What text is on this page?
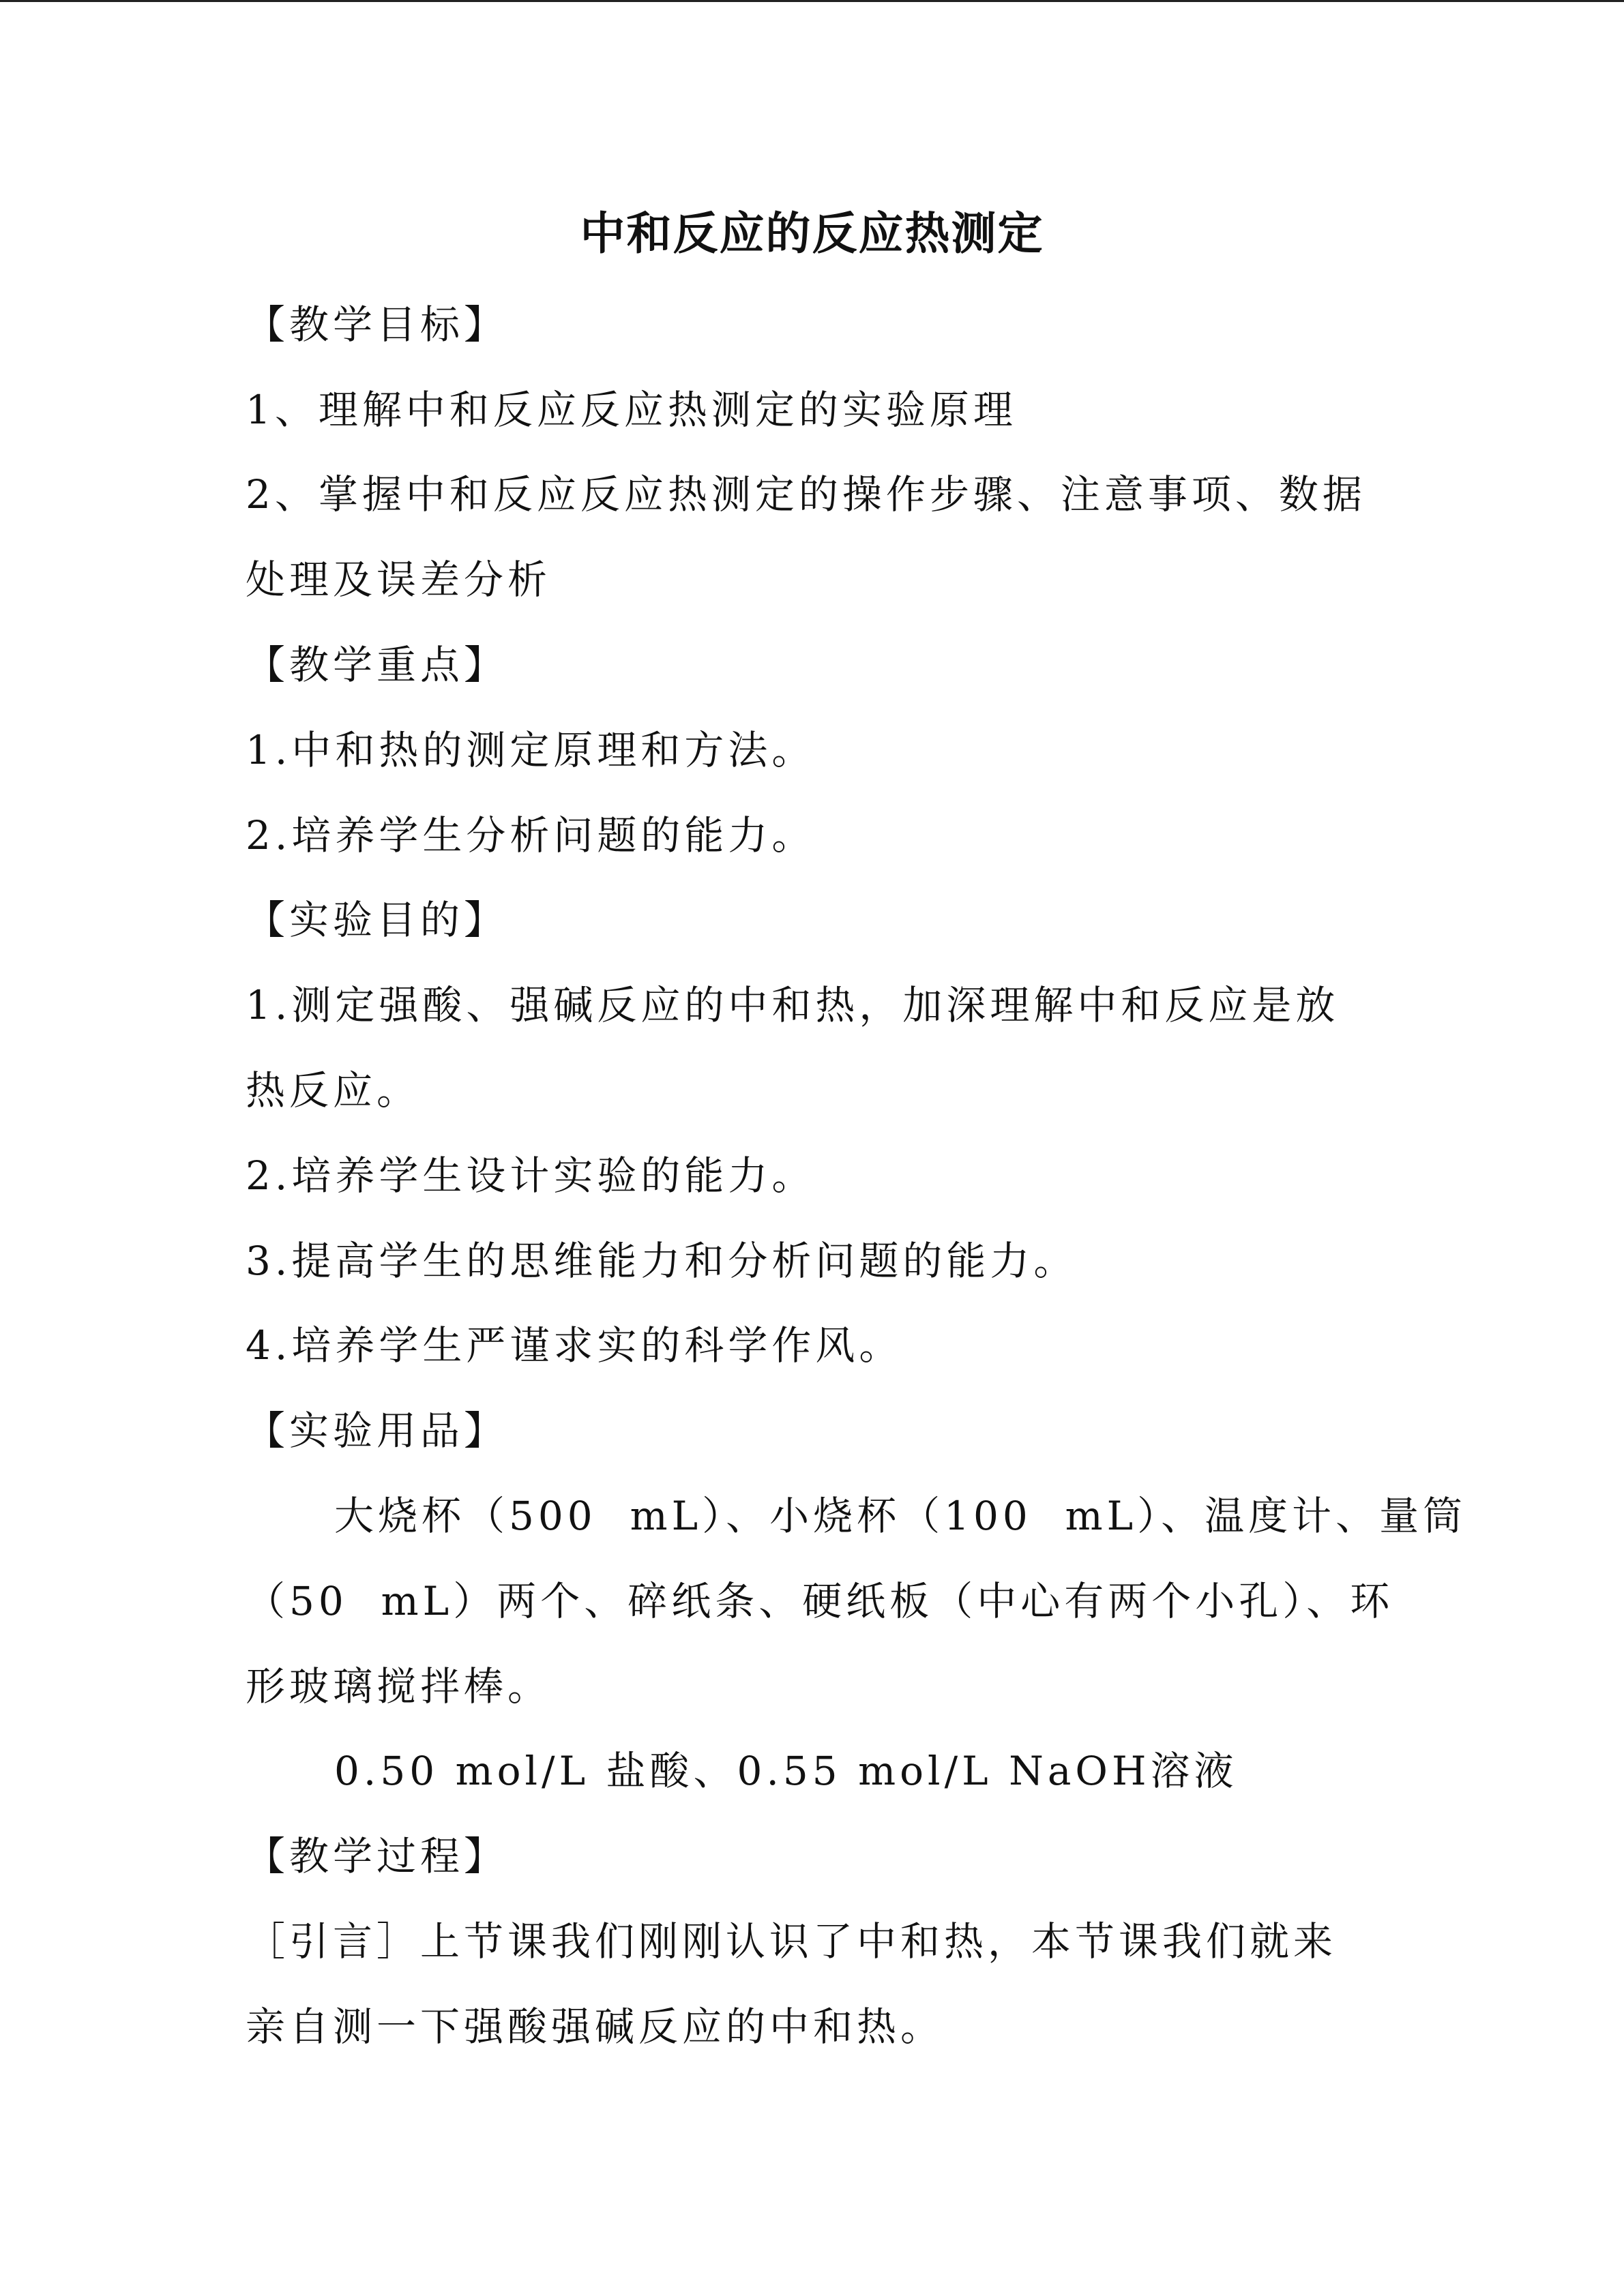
中和反应的反应热测定
【教学目标】
1、理解中和反应反应热测定的实验原理
2、掌握中和反应反应热测定的操作步骤、注意事项、数据
处理及误差分析
【教学重点】
1.中和热的测定原理和方法。
2.培养学生分析问题的能力。
【实验目的】
1.测定强酸、强碱反应的中和热，加深理解中和反应是放
热反应。
2.培养学生设计实验的能力。
3.提高学生的思维能力和分析问题的能力。
4.培养学生严谨求实的科学作风。
【实验用品】
大烧杯（500  mL）、小烧杯（100  mL）、温度计、量筒
（50  mL）两个、碎纸条、硬纸板（中心有两个小孔）、环
形玻璃搅拌棒。
0.50 mol/L 盐酸、0.55 mol/L NaOH溶液
【教学过程】
［引言］上节课我们刚刚认识了中和热，本节课我们就来
亲自测一下强酸强碱反应的中和热。
